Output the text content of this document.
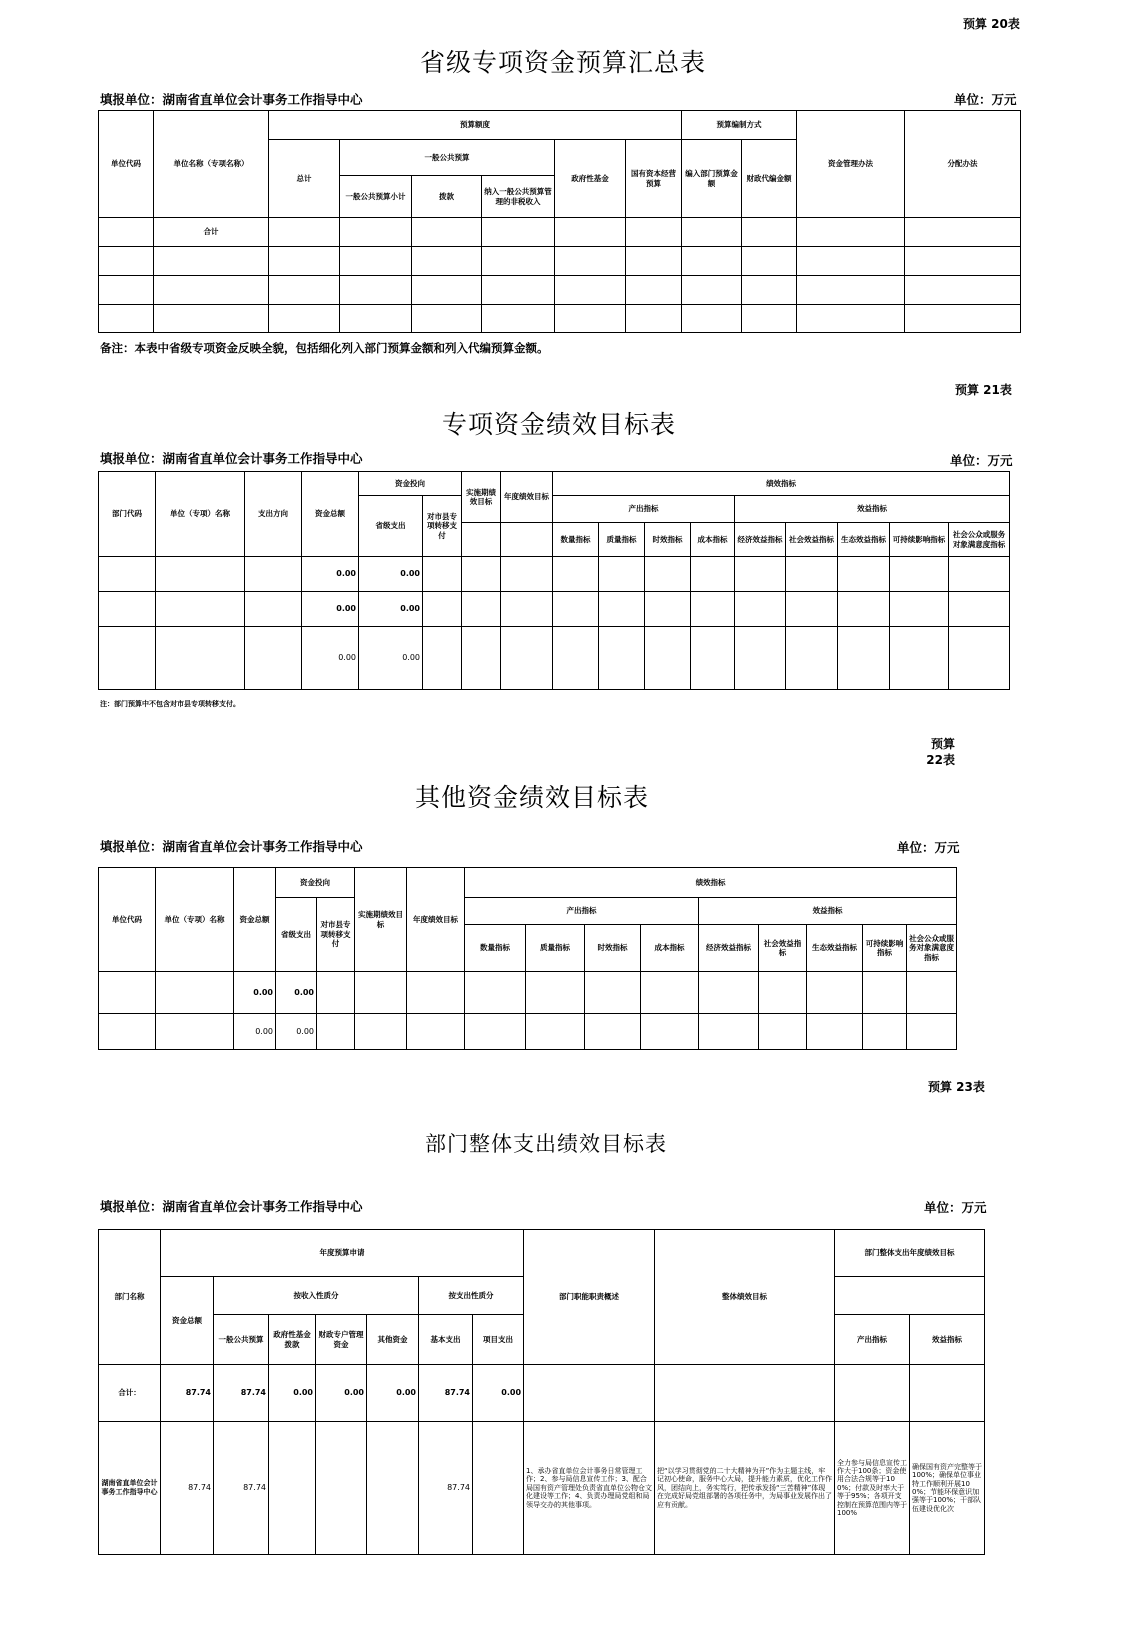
预算 20表
省级专项资金预算汇总表
填报单位：湖南省直单位会计事务工作指导中心	单位：万元
单位代码	单位名称（专项名称）	预算额度						预算编制方式		资金管理办法	分配办法
		总计	一般公共预算			政府性基金	国有资本经营预算	编入部门预算金额	财政代编金额		
			一般公共预算小计	拨款	纳入一般公共预算管理的非税收入						
	合计										

备注：本表中省级专项资金反映全貌，包括细化列入部门预算金额和列入代编预算金额。
预算 21表
专项资金绩效目标表
填报单位：湖南省直单位会计事务工作指导中心	单位：万元
部门代码	单位（专项）名称	支出方向	资金总额	资金投向		实施期绩效目标	年度绩效目标	绩效指标								
				省级支出	对市县专项转移支付			产出指标				效益指标				
								数量指标	质量指标	时效指标	成本指标	经济效益指标	社会效益指标	生态效益指标	可持续影响指标	社会公众或服务对象满意度指标
			0.00	0.00												
			0.00	0.00												
			0.00	0.00												
注：部门预算中不包含对市县专项转移支付。
预算 22表
其他资金绩效目标表
填报单位：湖南省直单位会计事务工作指导中心	单位：万元
单位代码	单位（专项）名称	资金总额	资金投向		实施期绩效目标	年度绩效目标	绩效指标								
			省级支出	对市县专项转移支付			产出指标				效益指标				
							数量指标	质量指标	时效指标	成本指标	经济效益指标	社会效益指标	生态效益指标	可持续影响指标	社会公众或服务对象满意度指标
		0.00	0.00												
		0.00	0.00												
预算 23表
部门整体支出绩效目标表
填报单位：湖南省直单位会计事务工作指导中心	单位：万元
部门名称	年度预算申请							部门职能职责概述	整体绩效目标	部门整体支出年度绩效目标	
	资金总额	按收入性质分				按支出性质分					
		一般公共预算	政府性基金拨款	财政专户管理资金	其他资金	基本支出	项目支出			产出指标	效益指标
合计：	87.74	87.74	0.00	0.00	0.00	87.74	0.00				
湖南省直单位会计事务工作指导中心	87.74	87.74				87.74		1、承办省直单位会计事务日常管理工作；2、参与局信息宣传工作；3、配合局国有资产管理处负责省直单位公物仓文化建设等工作；4、负责办理局党组和局领导交办的其他事项。	把“以学习贯彻党的二十大精神为开”作为主题主线，牢记初心使命，服务中心大局，提升能力素质，优化工作作风，团结向上，务实笃行，把传承发扬“三苦精神”体现在完成好局党组部署的各项任务中，为局事业发展作出了应有贡献。	全力参与局信息宣传工作大于100条；资金使用合法合规等于100%；付款及时率大于等于95%；各项开支控制在预算范围内等于100%	确保国有资产完整等于100%；确保单位事业特工作顺利开展100%；节能环保意识加强等于100%；干部队伍建设优化次
